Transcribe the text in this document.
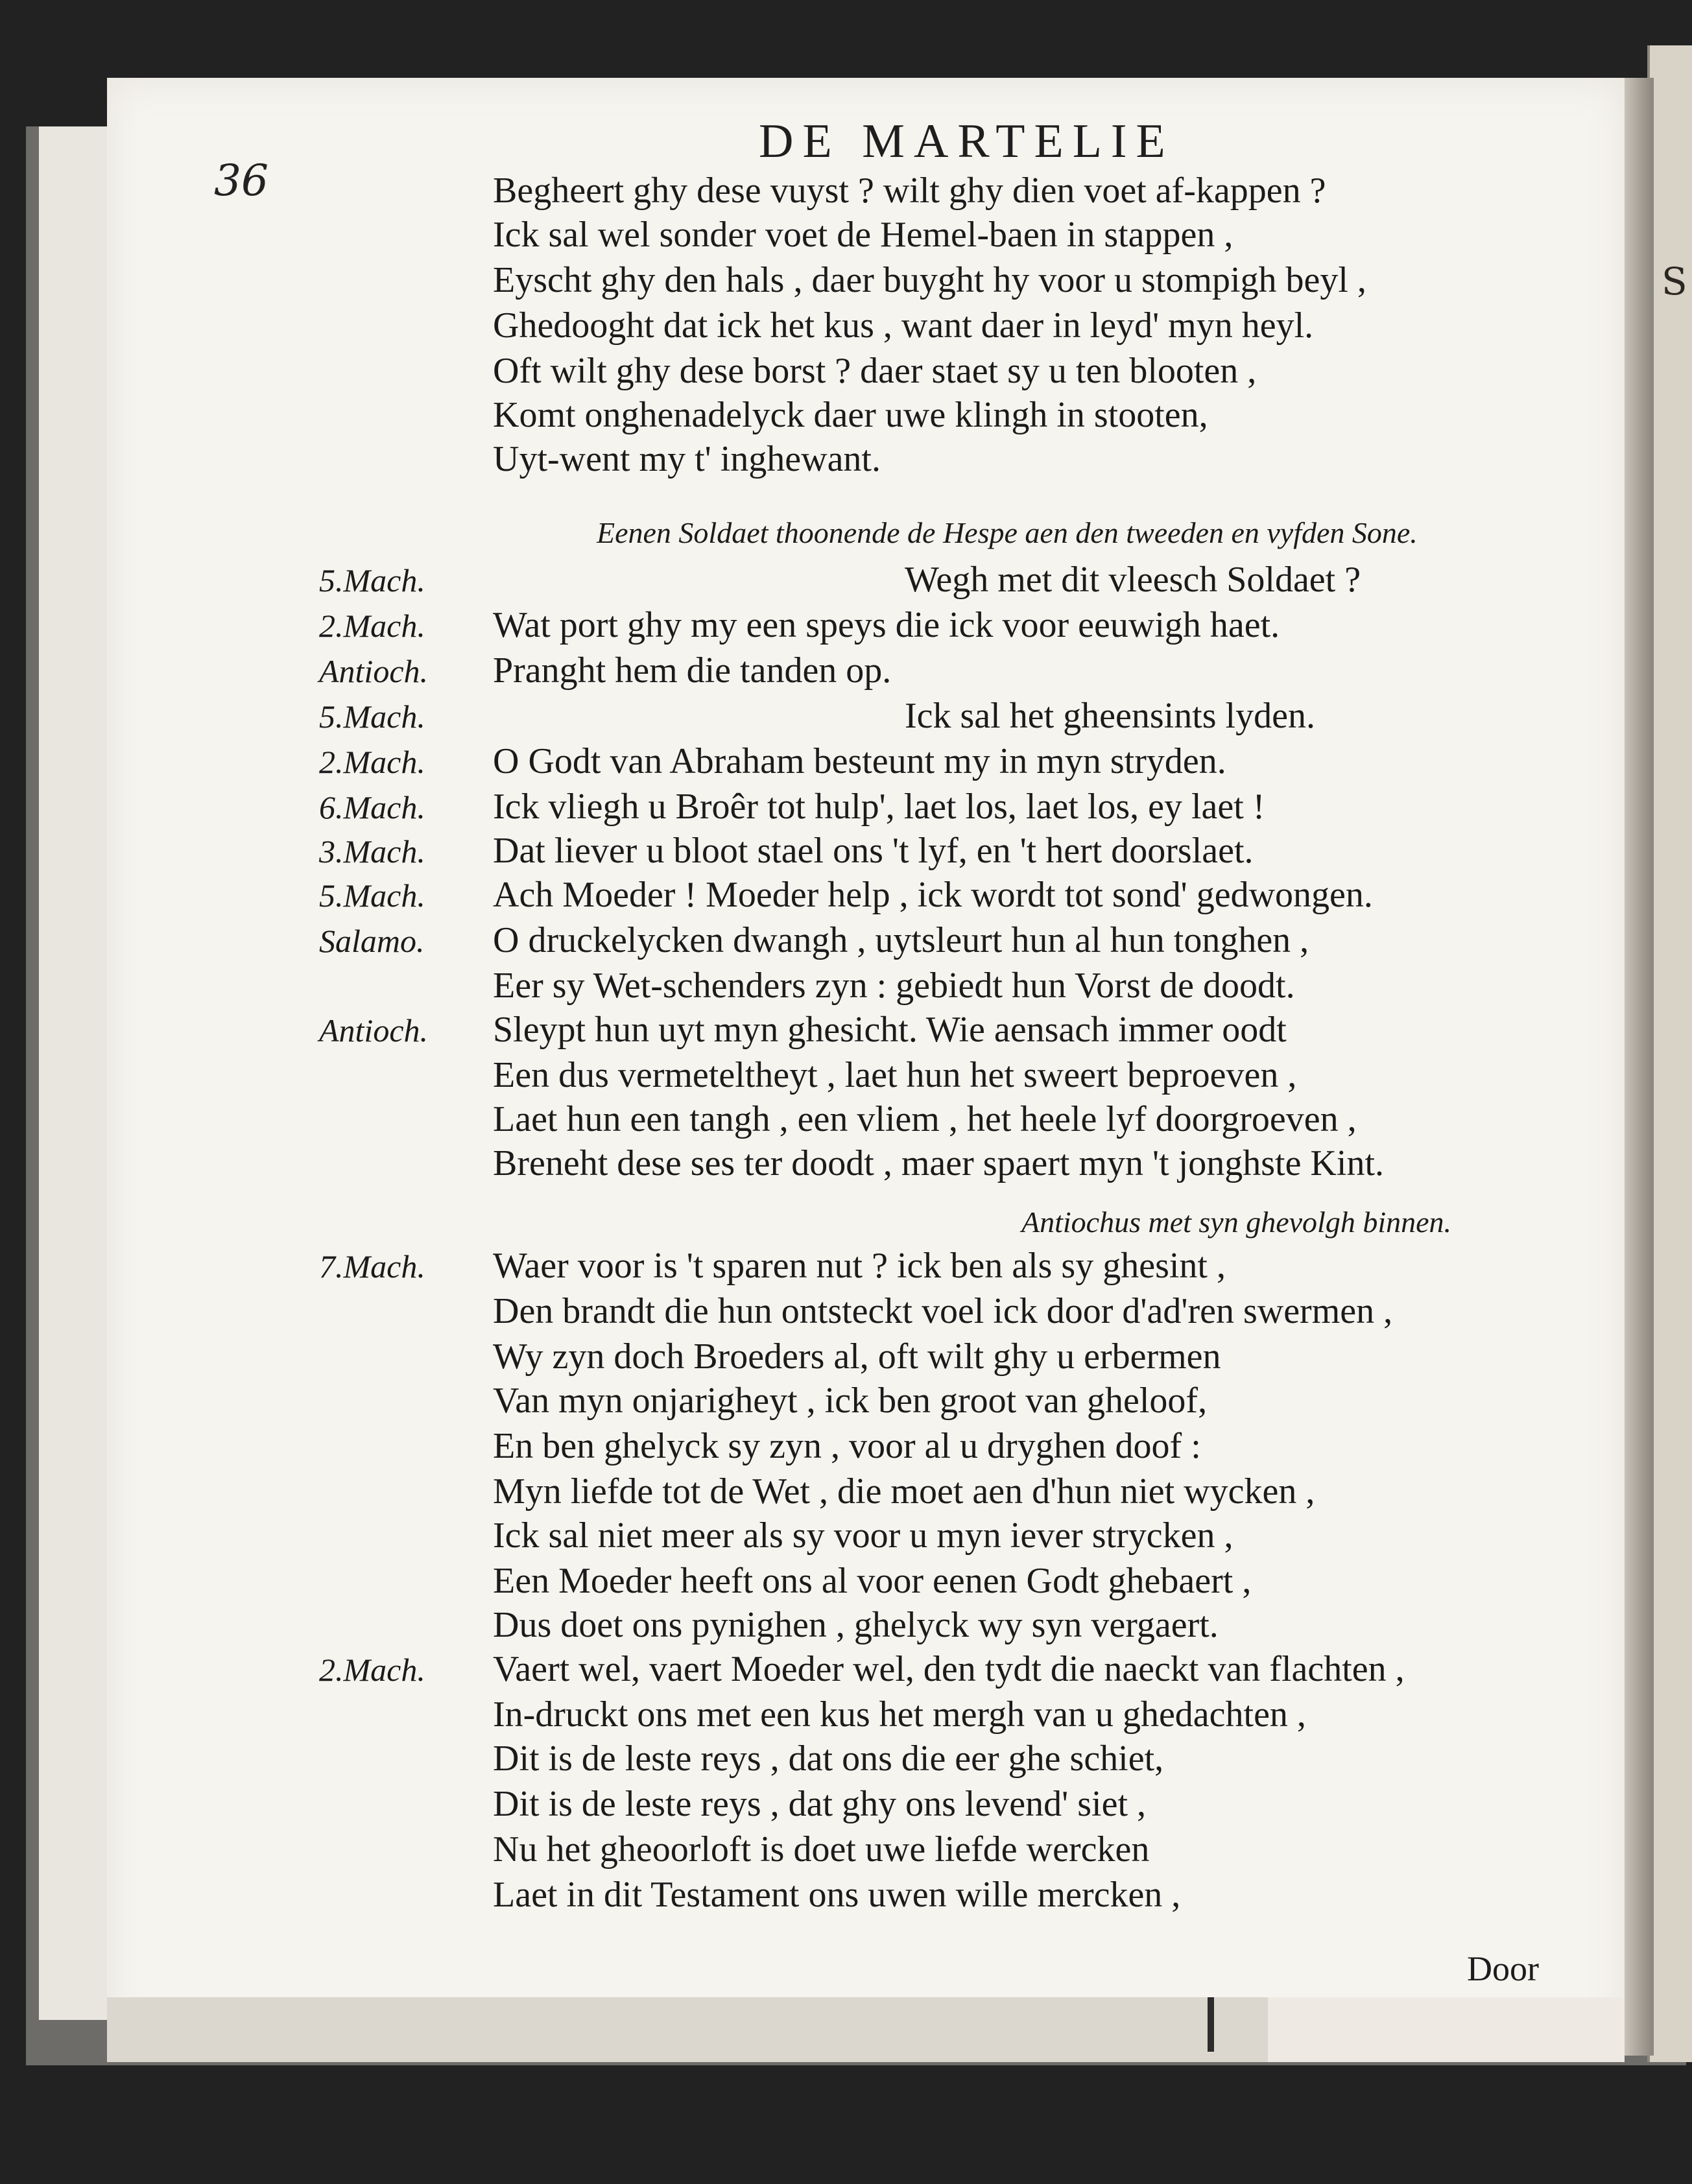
S
36
DE MARTELIE
Begheert ghy dese vuyst ? wilt ghy dien voet af-kappen ?
Ick sal wel sonder voet de Hemel-baen in stappen ,
Eyscht ghy den hals , daer buyght hy voor u stompigh beyl ,
Ghedooght dat ick het kus , want daer in leyd' myn heyl.
Oft wilt ghy dese borst ? daer staet sy u ten blooten ,
Komt onghenadelyck daer uwe klingh in stooten,
Uyt-went my t' inghewant.
5.Mach.	Wegh met dit vleesch Soldaet ?
2.Mach. Wat port ghy my een speys die ick voor eeuwigh haet.
Antioch. Pranght hem die tanden op.
5.Mach.	Ick sal het gheensints lyden.
2.Mach. O Godt van Abraham besteunt my in myn stryden.
6.Mach. Ick vliegh u Broêr tot hulp', laet los, laet los, ey laet !
3.Mach. Dat liever u bloot stael ons 't lyf, en 't hert doorslaet.
5.Mach. Ach Moeder ! Moeder help , ick wordt tot sond' gedwongen.
Salamo. O druckelycken dwangh , uytsleurt hun al hun tonghen ,
Eer sy Wet-schenders zyn : gebiedt hun Vorst de doodt.
Antioch. Sleypt hun uyt myn ghesicht. Wie aensach immer oodt
Een dus vermeteltheyt , laet hun het sweert beproeven ,
Laet hun een tangh , een vliem , het heele lyf doorgroeven ,
Breneht dese ses ter doodt , maer spaert myn 't jonghste Kint.
7.Mach. Waer voor is 't sparen nut ? ick ben als sy ghesint ,
Den brandt die hun ontsteckt voel ick door d'ad'ren swermen ,
Wy zyn doch Broeders al, oft wilt ghy u erbermen
Van myn onjarigheyt , ick ben groot van gheloof,
En ben ghelyck sy zyn , voor al u dryghen doof :
Myn liefde tot de Wet , die moet aen d'hun niet wycken ,
Ick sal niet meer als sy voor u myn iever strycken ,
Een Moeder heeft ons al voor eenen Godt ghebaert ,
Dus doet ons pynighen , ghelyck wy syn vergaert.
2.Mach. Vaert wel, vaert Moeder wel, den tydt die naeckt van flachten ,
In-druckt ons met een kus het mergh van u ghedachten ,
Dit is de leste reys , dat ons die eer ghe schiet,
Dit is de leste reys , dat ghy ons levend' siet ,
Nu het gheoorloft is doet uwe liefde wercken
Laet in dit Testament ons uwen wille mercken ,
Eenen Soldaet thoonende de Hespe aen den tweeden en vyfden Sone.
Antiochus met syn ghevolgh binnen.
Door
